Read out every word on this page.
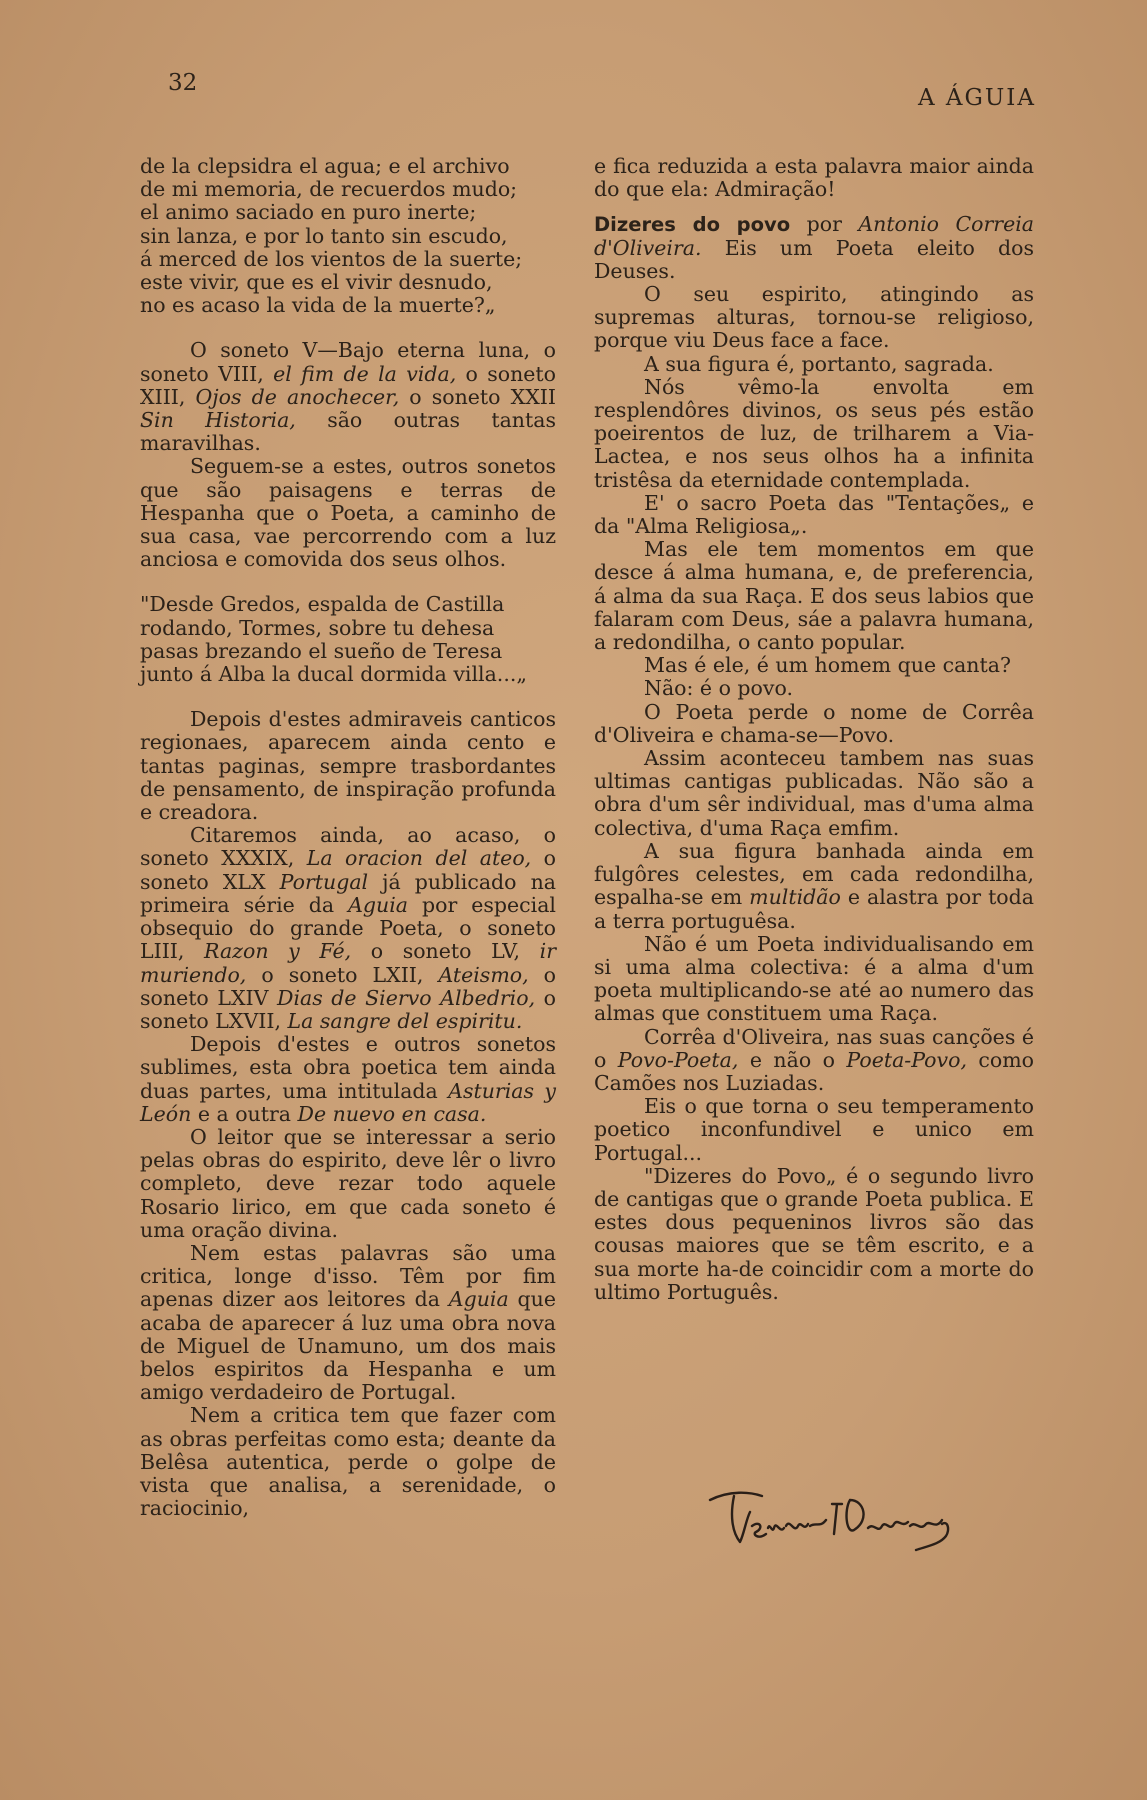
32
A ÁGUIA

de la clepsidra el agua; e el archivo

de mi memoria, de recuerdos mudo;

el animo saciado en puro inerte;

sin lanza, e por lo tanto sin escudo,

á merced de los vientos de la suerte;

este vivir, que es el vivir desnudo,

no es acaso la vida de la muerte?„

O soneto V—Bajo eterna luna, o soneto VIII, el fim de la vida, o soneto XIII, Ojos de anochecer, o soneto XXII Sin Historia, são outras tantas maravilhas.

Seguem-se a estes, outros sonetos que são paisagens e terras de Hespanha que o Poeta, a caminho de sua casa, vae percorrendo com a luz anciosa e comovida dos seus olhos.

"Desde Gredos, espalda de Castilla

rodando, Tormes, sobre tu dehesa

pasas brezando el sueño de Teresa

junto á Alba la ducal dormida villa...„

Depois d'estes admiraveis canticos regionaes, aparecem ainda cento e tantas paginas, sempre trasbordantes de pensamento, de inspiração profunda e creadora.

Citaremos ainda, ao acaso, o soneto XXXIX, La oracion del ateo, o soneto XLX Portugal já publicado na primeira série da Aguia por especial obsequio do grande Poeta, o soneto LIII, Razon y Fé, o soneto LV, ir muriendo, o soneto LXII, Ateismo, o soneto LXIV Dias de Siervo Albedrio, o soneto LXVII, La sangre del espiritu.

Depois d'estes e outros sonetos sublimes, esta obra poetica tem ainda duas partes, uma intitulada Asturias y León e a outra De nuevo en casa.

O leitor que se interessar a serio pelas obras do espirito, deve lêr o livro completo, deve rezar todo aquele Rosario lirico, em que cada soneto é uma oração divina.

Nem estas palavras são uma critica, longe d'isso. Têm por fim apenas dizer aos leitores da Aguia que acaba de aparecer á luz uma obra nova de Miguel de Unamuno, um dos mais belos espiritos da Hespanha e um amigo verdadeiro de Portugal.

Nem a critica tem que fazer com as obras perfeitas como esta; deante da Belêsa autentica, perde o golpe de vista que analisa, a serenidade, o raciocinio,

e fica reduzida a esta palavra maior ainda do que ela: Admiração!

Dizeres do povo por Antonio Correia d'Oliveira. Eis um Poeta eleito dos Deuses.

O seu espirito, atingindo as supremas alturas, tornou-se religioso, porque viu Deus face a face.

A sua figura é, portanto, sagrada.

Nós vêmo-la envolta em resplendôres divinos, os seus pés estão poeirentos de luz, de trilharem a Via-Lactea, e nos seus olhos ha a infinita tristêsa da eternidade contemplada.

E' o sacro Poeta das "Tentações„ e da "Alma Religiosa„.

Mas ele tem momentos em que desce á alma humana, e, de preferencia, á alma da sua Raça. E dos seus labios que falaram com Deus, sáe a palavra humana, a redondilha, o canto popular.

Mas é ele, é um homem que canta?

Não: é o povo.

O Poeta perde o nome de Corrêa d'Oliveira e chama-se—Povo.

Assim aconteceu tambem nas suas ultimas cantigas publicadas. Não são a obra d'um sêr individual, mas d'uma alma colectiva, d'uma Raça emfim.

A sua figura banhada ainda em fulgôres celestes, em cada redondilha, espalha-se em multidão e alastra por toda a terra portuguêsa.

Não é um Poeta individualisando em si uma alma colectiva: é a alma d'um poeta multiplicando-se até ao numero das almas que constituem uma Raça.

Corrêa d'Oliveira, nas suas canções é o Povo-Poeta, e não o Poeta-Povo, como Camões nos Luziadas.

Eis o que torna o seu temperamento poetico inconfundivel e unico em Portugal...

"Dizeres do Povo„ é o segundo livro de cantigas que o grande Poeta publica. E estes dous pequeninos livros são das cousas maiores que se têm escrito, e a sua morte ha-de coincidir com a morte do ultimo Português.
